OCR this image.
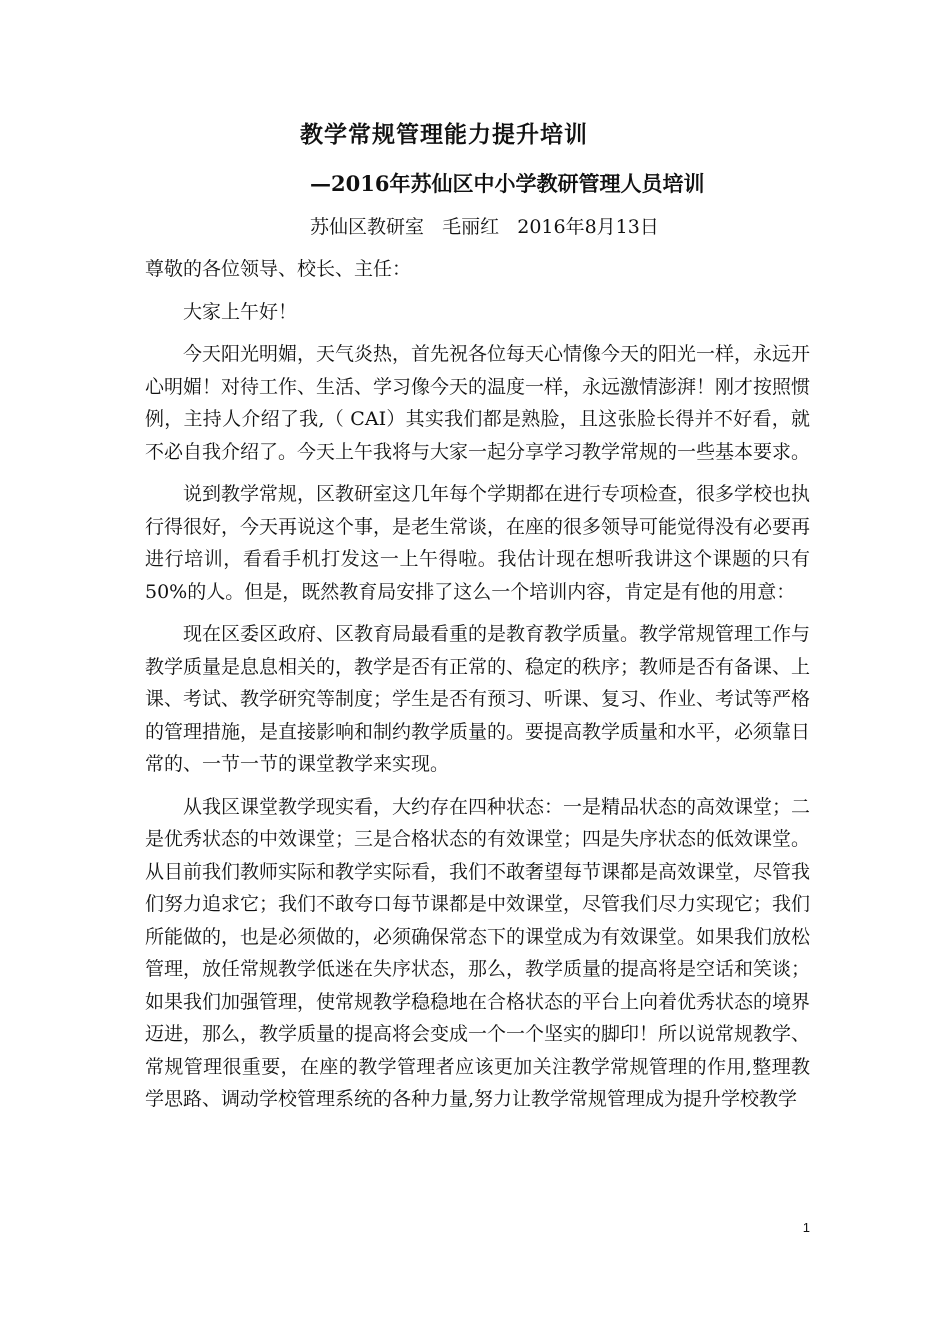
教学常规管理能力提升培训
—2016年苏仙区中小学教研管理人员培训
苏仙区教研室   毛丽红   2016年8月13日

尊敬的各位领导、校长、主任：

大家上午好！

今天阳光明媚，天气炎热，首先祝各位每天心情像今天的阳光一样，永远开心明媚！对待工作、生活、学习像今天的温度一样，永远激情澎湃！刚才按照惯例，主持人介绍了我,（ CAI）其实我们都是熟脸，且这张脸长得并不好看，就不必自我介绍了。今天上午我将与大家一起分享学习教学常规的一些基本要求。

说到教学常规，区教研室这几年每个学期都在进行专项检查，很多学校也执行得很好，今天再说这个事，是老生常谈，在座的很多领导可能觉得没有必要再进行培训，看看手机打发这一上午得啦。我估计现在想听我讲这个课题的只有50%的人。但是，既然教育局安排了这么一个培训内容，肯定是有他的用意：

现在区委区政府、区教育局最看重的是教育教学质量。教学常规管理工作与教学质量是息息相关的，教学是否有正常的、稳定的秩序；教师是否有备课、上课、考试、教学研究等制度；学生是否有预习、听课、复习、作业、考试等严格的管理措施，是直接影响和制约教学质量的。要提高教学质量和水平，必须靠日常的、一节一节的课堂教学来实现。

从我区课堂教学现实看，大约存在四种状态：一是精品状态的高效课堂；二是优秀状态的中效课堂；三是合格状态的有效课堂；四是失序状态的低效课堂。从目前我们教师实际和教学实际看，我们不敢奢望每节课都是高效课堂，尽管我们努力追求它；我们不敢夸口每节课都是中效课堂，尽管我们尽力实现它；我们所能做的，也是必须做的，必须确保常态下的课堂成为有效课堂。如果我们放松管理，放任常规教学低迷在失序状态，那么，教学质量的提高将是空话和笑谈；如果我们加强管理，使常规教学稳稳地在合格状态的平台上向着优秀状态的境界迈进，那么，教学质量的提高将会变成一个一个坚实的脚印！所以说常规教学、常规管理很重要，在座的教学管理者应该更加关注教学常规管理的作用,整理教学思路、调动学校管理系统的各种力量,努力让教学常规管理成为提升学校教学

1
